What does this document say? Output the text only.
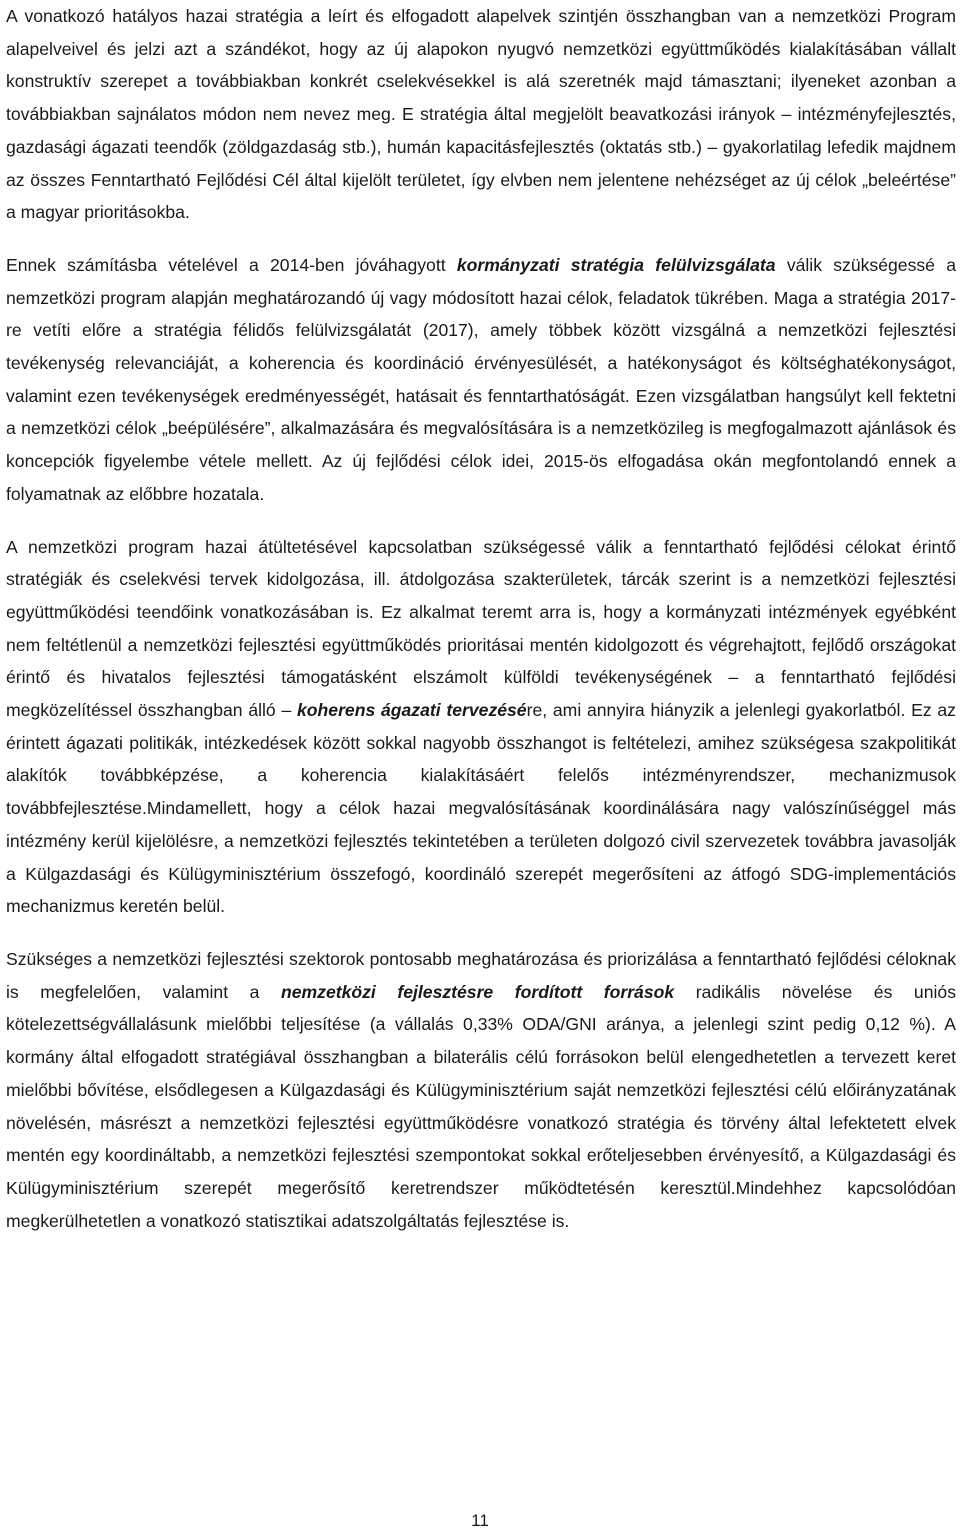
A vonatkozó hatályos hazai stratégia a leírt és elfogadott alapelvek szintjén összhangban van a nemzetközi Program alapelveivel és jelzi azt a szándékot, hogy az új alapokon nyugvó nemzetközi együttműködés kialakításában vállalt konstruktív szerepet a továbbiakban konkrét cselekvésekkel is alá szeretnék majd támasztani; ilyeneket azonban a továbbiakban sajnálatos módon nem nevez meg. E stratégia által megjelölt beavatkozási irányok – intézményfejlesztés, gazdasági ágazati teendők (zöldgazdaság stb.), humán kapacitásfejlesztés (oktatás stb.) – gyakorlatilag lefedik majdnem az összes Fenntartható Fejlődési Cél által kijelölt területet, így elvben nem jelentene nehézséget az új célok „beleértése” a magyar prioritásokba.

Ennek számításba vételével a 2014-ben jóváhagyott kormányzati stratégia felülvizsgálata válik szükségessé a nemzetközi program alapján meghatározandó új vagy módosított hazai célok, feladatok tükrében. Maga a stratégia 2017-re vetíti előre a stratégia félidős felülvizsgálatát (2017), amely többek között vizsgálná a nemzetközi fejlesztési tevékenység relevanciáját, a koherencia és koordináció érvényesülését, a hatékonyságot és költséghatékonyságot, valamint ezen tevékenységek eredményességét, hatásait és fenntarthatóságát. Ezen vizsgálatban hangsúlyt kell fektetni a nemzetközi célok „beépülésére”, alkalmazására és megvalósítására is a nemzetközileg is megfogalmazott ajánlások és koncepciók figyelembe vétele mellett. Az új fejlődési célok idei, 2015-ös elfogadása okán megfontolandó ennek a folyamatnak az előbbre hozatala.

A nemzetközi program hazai átültetésével kapcsolatban szükségessé válik a fenntartható fejlődési célokat érintő stratégiák és cselekvési tervek kidolgozása, ill. átdolgozása szakterületek, tárcák szerint is a nemzetközi fejlesztési együttműködési teendőink vonatkozásában is. Ez alkalmat teremt arra is, hogy a kormányzati intézmények egyébként nem feltétlenül a nemzetközi fejlesztési együttműködés prioritásai mentén kidolgozott és végrehajtott, fejlődő országokat érintő és hivatalos fejlesztési támogatásként elszámolt külföldi tevékenységének – a fenntartható fejlődési megközelítéssel összhangban álló – koherens ágazati tervezésére, ami annyira hiányzik a jelenlegi gyakorlatból. Ez az érintett ágazati politikák, intézkedések között sokkal nagyobb összhangot is feltételezi, amihez szükségesa szakpolitikát alakítók továbbképzése, a koherencia kialakításáért felelős intézményrendszer, mechanizmusok továbbfejlesztése.Mindamellett, hogy a célok hazai megvalósításának koordinálására nagy valószínűséggel más intézmény kerül kijelölésre, a nemzetközi fejlesztés tekintetében a területen dolgozó civil szervezetek továbbra javasolják a Külgazdasági és Külügyminisztérium összefogó, koordináló szerepét megerősíteni az átfogó SDG-implementációs mechanizmus keretén belül.

Szükséges a nemzetközi fejlesztési szektorok pontosabb meghatározása és priorizálása a fenntartható fejlődési céloknak is megfelelően, valamint a nemzetközi fejlesztésre fordított források radikális növelése és uniós kötelezettségvállalásunk mielőbbi teljesítése (a vállalás 0,33% ODA/GNI aránya, a jelenlegi szint pedig 0,12 %). A kormány által elfogadott stratégiával összhangban a bilaterális célú forrásokon belül elengedhetetlen a tervezett keret mielőbbi bővítése, elsődlegesen a Külgazdasági és Külügyminisztérium saját nemzetközi fejlesztési célú előirányzatának növelésén, másrészt a nemzetközi fejlesztési együttműködésre vonatkozó stratégia és törvény által lefektetett elvek mentén egy koordináltabb, a nemzetközi fejlesztési szempontokat sokkal erőteljesebben érvényesítő, a Külgazdasági és Külügyminisztérium szerepét megerősítő keretrendszer működtetésén keresztül.Mindehhez kapcsolódóan megkerülhetetlen a vonatkozó statisztikai adatszolgáltatás fejlesztése is.

11
